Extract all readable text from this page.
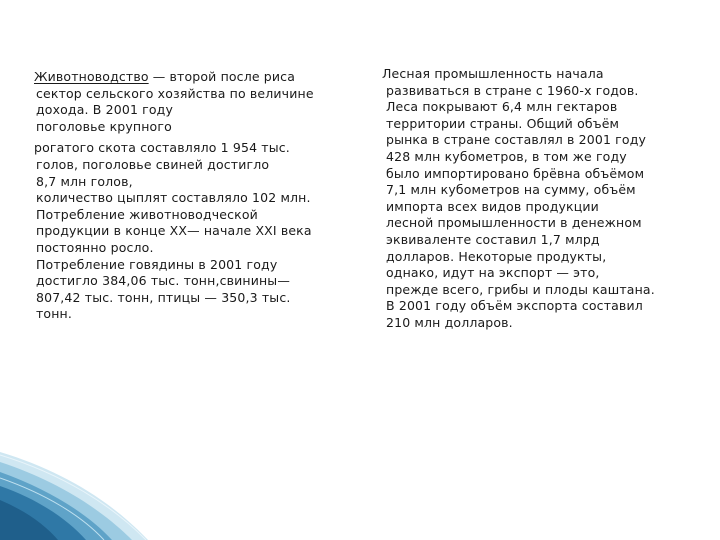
Животноводство — второй после риса
сектор сельского хозяйства по величине
дохода. В 2001 году
поголовье крупного
рогатого скота составляло 1 954 тыс.
голов, поголовье свиней достигло
8,7 млн голов,
количество цыплят составляло 102 млн.
Потребление животноводческой
продукции в конце XX— начале XXI века
постоянно росло.
Потребление говядины в 2001 году
достигло 384,06 тыс. тонн,свинины—
807,42 тыс. тонн, птицы — 350,3 тыс.
тонн.
Лесная промышленность начала
развиваться в стране с 1960-х годов.
Леса покрывают 6,4 млн гектаров
территории страны. Общий объём
рынка в стране составлял в 2001 году
428 млн кубометров, в том же году
было импортировано брёвна объёмом
7,1 млн кубометров на сумму, объём
импорта всех видов продукции
лесной промышленности в денежном
эквиваленте составил 1,7 млрд
долларов. Некоторые продукты,
однако, идут на экспорт — это,
прежде всего, грибы и плоды каштана.
В 2001 году объём экспорта составил
210 млн долларов.
